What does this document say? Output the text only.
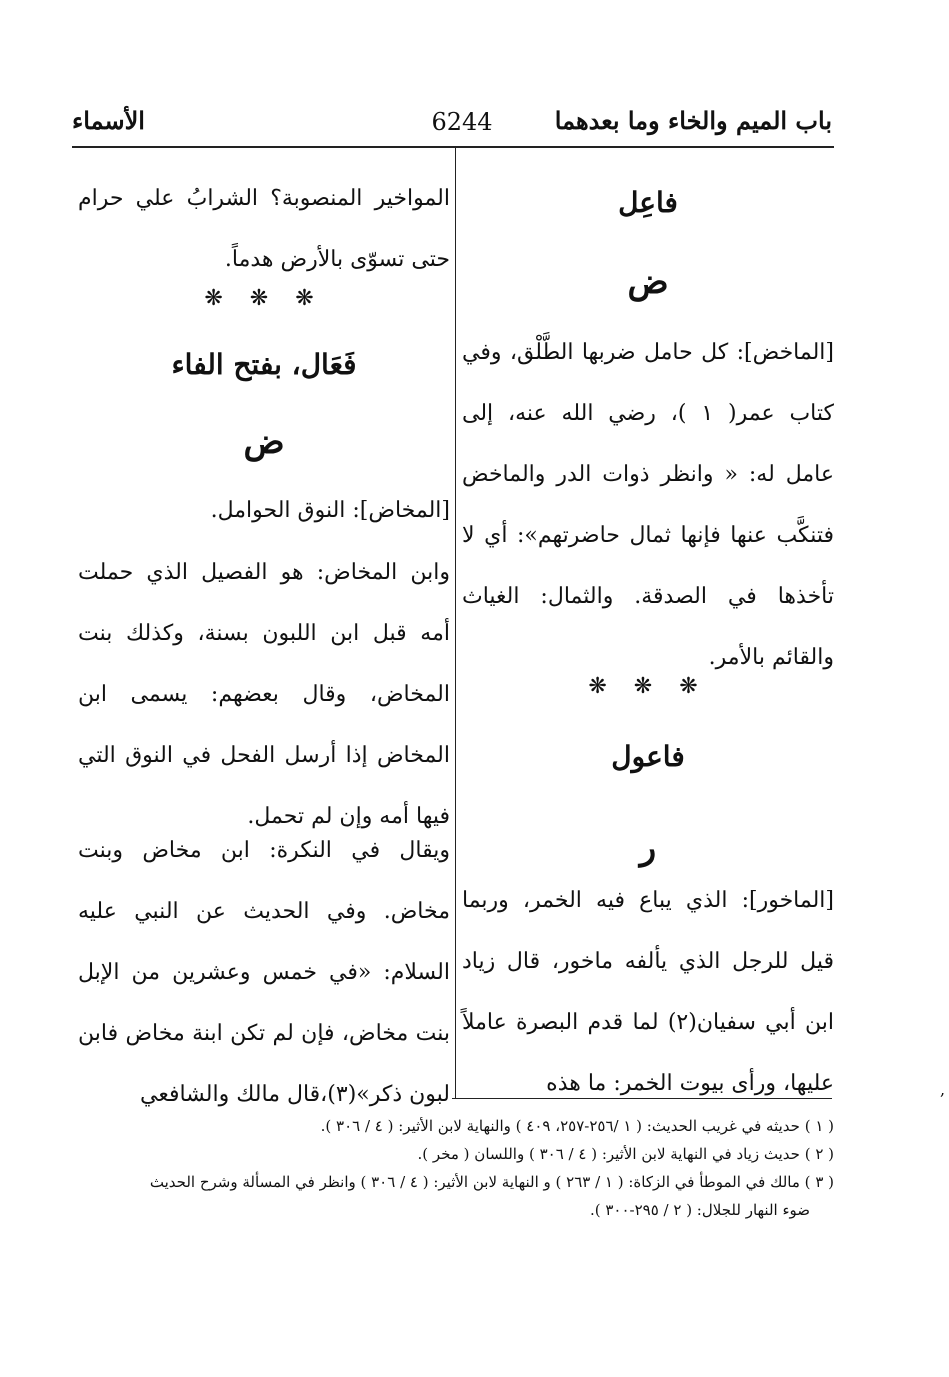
باب الميم والخاء وما بعدهما
6244
الأسماء
فاعِل
ض
[الماخض]: كل حامل ضربها الطَّلْق، وفي كتاب عمر( ١ )، رضي الله عنه، إلى عامل له: « وانظر ذوات الدر والماخض فتنكَّب عنها فإنها ثمال حاضرتهم»: أي لا تأخذها في الصدقة. والثمال: الغياث والقائم بالأمر.
❋ ❋ ❋
فاعول
ر
[الماخور]: الذي يباع فيه الخمر، وربما قيل للرجل الذي يألفه ماخور، قال زياد ابن أبي سفيان(٢) لما قدم البصرة عاملاً عليها، ورأى بيوت الخمر: ما هذه
المواخير المنصوبة؟ الشرابُ علي حرام حتى تسوّى بالأرض هدماً.
❋ ❋ ❋
فَعَال، بفتح الفاء
ض
[المخاض]: النوق الحوامل.
وابن المخاض: هو الفصيل الذي حملت أمه قبل ابن اللبون بسنة، وكذلك بنت المخاض، وقال بعضهم: يسمى ابن المخاض إذا أرسل الفحل في النوق التي فيها أمه وإن لم تحمل.
ويقال في النكرة: ابن مخاض وبنت مخاض. وفي الحديث عن النبي عليه السلام: «في خمس وعشرين من الإبل بنت مخاض، فإن لم تكن ابنة مخاض فابن لبون ذكر»(٣)،قال مالك والشافعي
( ١ ) حديثه في غريب الحديث: ( ١ /٢٥٦-٢٥٧، ٤٠٩ ) والنهاية لابن الأثير: ( ٤ / ٣٠٦ ).
( ٢ ) حديث زياد في النهاية لابن الأثير: ( ٤ / ٣٠٦ ) واللسان ( مخر ).
( ٣ ) مالك في الموطأ في الزكاة: ( ١ / ٢٦٣ ) و النهاية لابن الأثير: ( ٤ / ٣٠٦ ) وانظر في المسألة وشرح الحديث
ضوء النهار للجلال: ( ٢ / ٢٩٥-٣٠٠ ).
,
